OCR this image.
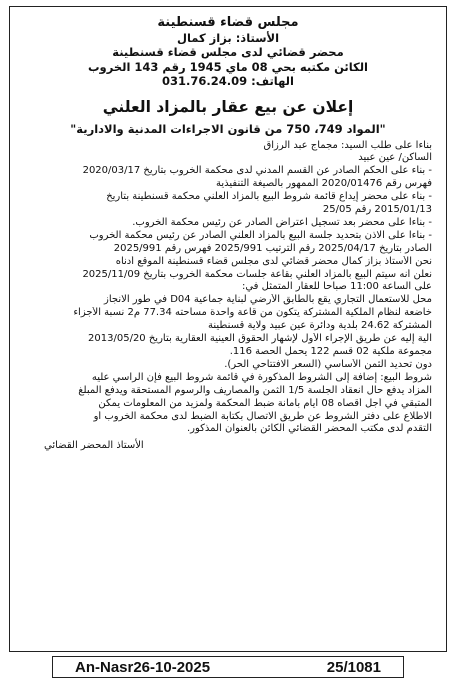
مجلس قضاء قسنطينة
الأستاذ: بزاز كمال
محضر قضائي لدى مجلس قضاء قسنطينة
الكائن مكتبه بحي 08 ماي 1945 رقم 143 الخروب
الهاتف: 031.76.24.09
إعلان عن بيع عقار بالمزاد العلني
"المواد 749، 750 من قانون الاجراءات المدنية والادارية"
بناءا على طلب السيد: مجماج عبد الرزاق
الساكن/ عين عبيد
- بناء على الحكم الصادر عن القسم المدني لدى محكمة الخروب بتاريخ 2020/03/17
فهرس رقم 2020/01476 الممهور بالصيغة التنفيذية
- بناء على محضر إيداع قائمة شروط البيع بالمزاد العلني محكمة قسنطينة بتاريخ
2015/01/13 رقم 25/05
- بناءا على محضر بعد تسجيل اعتراض الصادر عن رئيس محكمة الخروب.
- بناءا على الاذن بتحديد جلسة البيع بالمزاد العلني الصادر عن رئيس محكمة الخروب
الصادر بتاريخ 2025/04/17 رقم الترتيب 2025/991 فهرس رقم 2025/991
نحن الأستاذ بزاز كمال محضر قضائي لدى مجلس قضاء قسنطينة الموقع أدناه
نعلن أنه سيتم البيع بالمزاد العلني بقاعة جلسات محكمة الخروب بتاريخ 2025/11/09
على الساعة 11:00 صباحا للعقار المتمثل في:
محل للاستعمال التجاري يقع بالطابق الأرضي لبناية جماعية D04 في طور الانجاز
خاضعة لنظام الملكية المشتركة يتكون من قاعة واحدة مساحته 77.34 م2 نسبة الأجزاء
المشتركة 24.62 بلدية ودائرة عين عبيد ولاية قسنطينة
آلية إليه عن طريق الإجراء الأول لإشهار الحقوق العينية العقارية بتاريخ 2013/05/20
مجموعة ملكية 02 قسم 122 يحمل الحصة 116.
دون تحديد الثمن الأساسي (السعر الافتتاحي الحر).
شروط البيع: إضافة إلى الشروط المذكورة في قائمة شروط البيع فإن الراسي عليه
المزاد يدفع حال انعقاد الجلسة 1/5 الثمن والمصاريف والرسوم المستحقة ويدفع المبلغ
المتبقي في أجل أقصاه 08 أيام بأمانة ضبط المحكمة ولمزيد من المعلومات يمكن
الاطلاع على دفتر الشروط عن طريق الاتصال بكتابة الضبط لدى محكمة الخروب أو
التقدم لدى مكتب المحضر القضائي الكائن بالعنوان المذكور.
الأستاذ المحضر القضائي
An-Nasr26-10-2025	25/1081
